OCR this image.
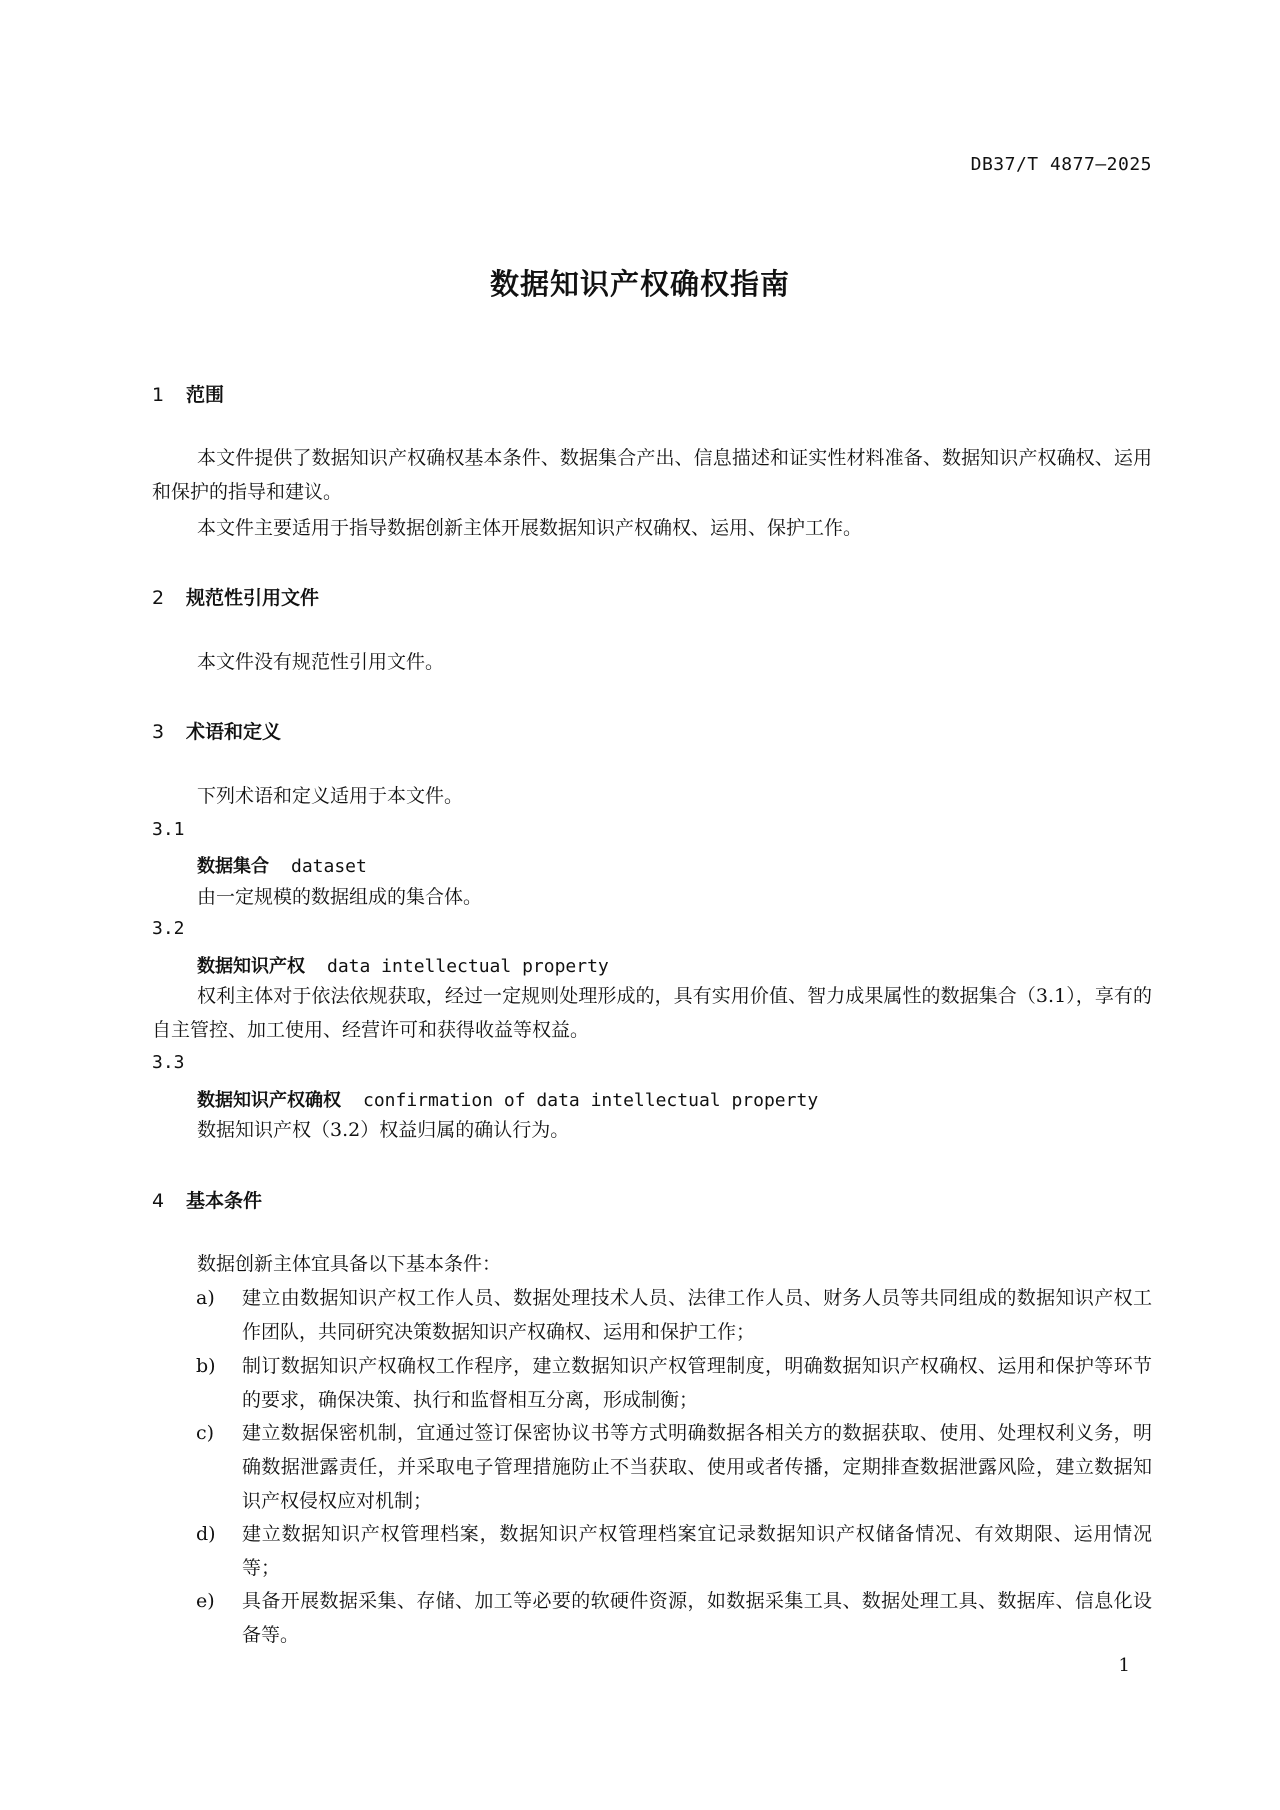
DB37/T 4877—2025
数据知识产权确权指南
1 范围
本文件提供了数据知识产权确权基本条件、数据集合产出、信息描述和证实性材料准备、数据知识产权确权、运用和保护的指导和建议。
本文件主要适用于指导数据创新主体开展数据知识产权确权、运用、保护工作。
2 规范性引用文件
本文件没有规范性引用文件。
3 术语和定义
下列术语和定义适用于本文件。
3.1
数据集合 dataset
由一定规模的数据组成的集合体。
3.2
数据知识产权 data intellectual property
权利主体对于依法依规获取，经过一定规则处理形成的，具有实用价值、智力成果属性的数据集合（3.1），享有的自主管控、加工使用、经营许可和获得收益等权益。
3.3
数据知识产权确权 confirmation of data intellectual property
数据知识产权（3.2）权益归属的确认行为。
4 基本条件
数据创新主体宜具备以下基本条件：
a)	建立由数据知识产权工作人员、数据处理技术人员、法律工作人员、财务人员等共同组成的数据知识产权工作团队，共同研究决策数据知识产权确权、运用和保护工作；
b)	制订数据知识产权确权工作程序，建立数据知识产权管理制度，明确数据知识产权确权、运用和保护等环节的要求，确保决策、执行和监督相互分离，形成制衡；
c)	建立数据保密机制，宜通过签订保密协议书等方式明确数据各相关方的数据获取、使用、处理权利义务，明确数据泄露责任，并采取电子管理措施防止不当获取、使用或者传播，定期排查数据泄露风险，建立数据知识产权侵权应对机制；
d)	建立数据知识产权管理档案，数据知识产权管理档案宜记录数据知识产权储备情况、有效期限、运用情况等；
e)	具备开展数据采集、存储、加工等必要的软硬件资源，如数据采集工具、数据处理工具、数据库、信息化设备等。
1
